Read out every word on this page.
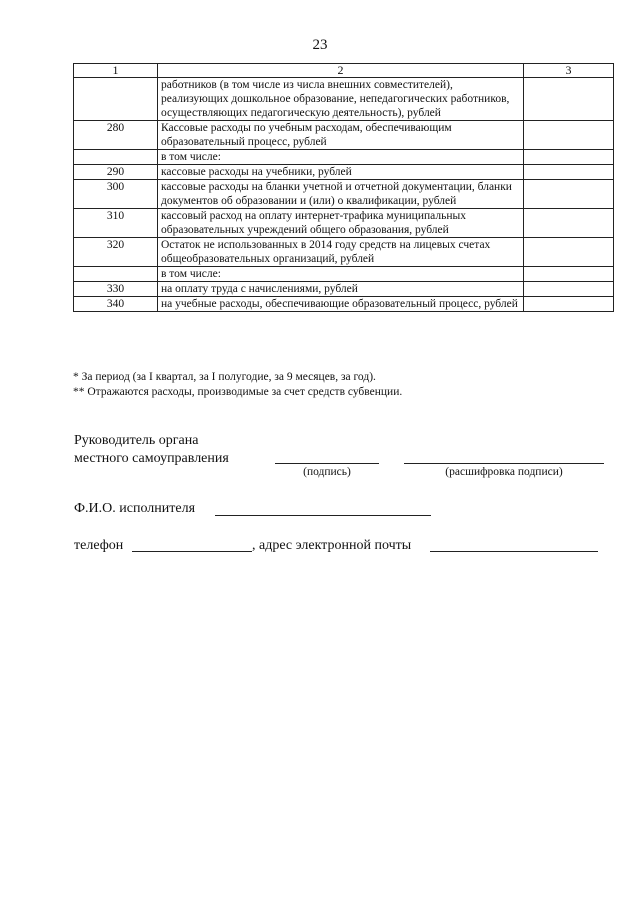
23
1	2	3
	работников (в том числе из числа внешних совместителей), реализующих дошкольное образование, непедагогических работников, осуществляющих педагогическую деятельность), рублей	
280	Кассовые расходы по учебным расходам, обеспечивающим образовательный процесс, рублей	
	в том числе:	
290	кассовые расходы на учебники, рублей	
300	кассовые расходы на бланки учетной и отчетной документации, бланки документов об образовании и (или) о квалификации, рублей	
310	кассовый расход на оплату интернет-трафика муниципальных образовательных учреждений общего образования, рублей	
320	Остаток не использованных в 2014 году средств на лицевых счетах общеобразовательных организаций, рублей	
	в том числе:	
330	на оплату труда с начислениями, рублей	
340	на учебные расходы, обеспечивающие образовательный процесс, рублей	
* За период (за I квартал, за I полугодие, за 9 месяцев, за год).
** Отражаются расходы, производимые за счет средств субвенции.
Руководитель органа
местного самоуправления
(подпись)	(расшифровка подписи)
Ф.И.О. исполнителя
телефон	, адрес электронной почты
